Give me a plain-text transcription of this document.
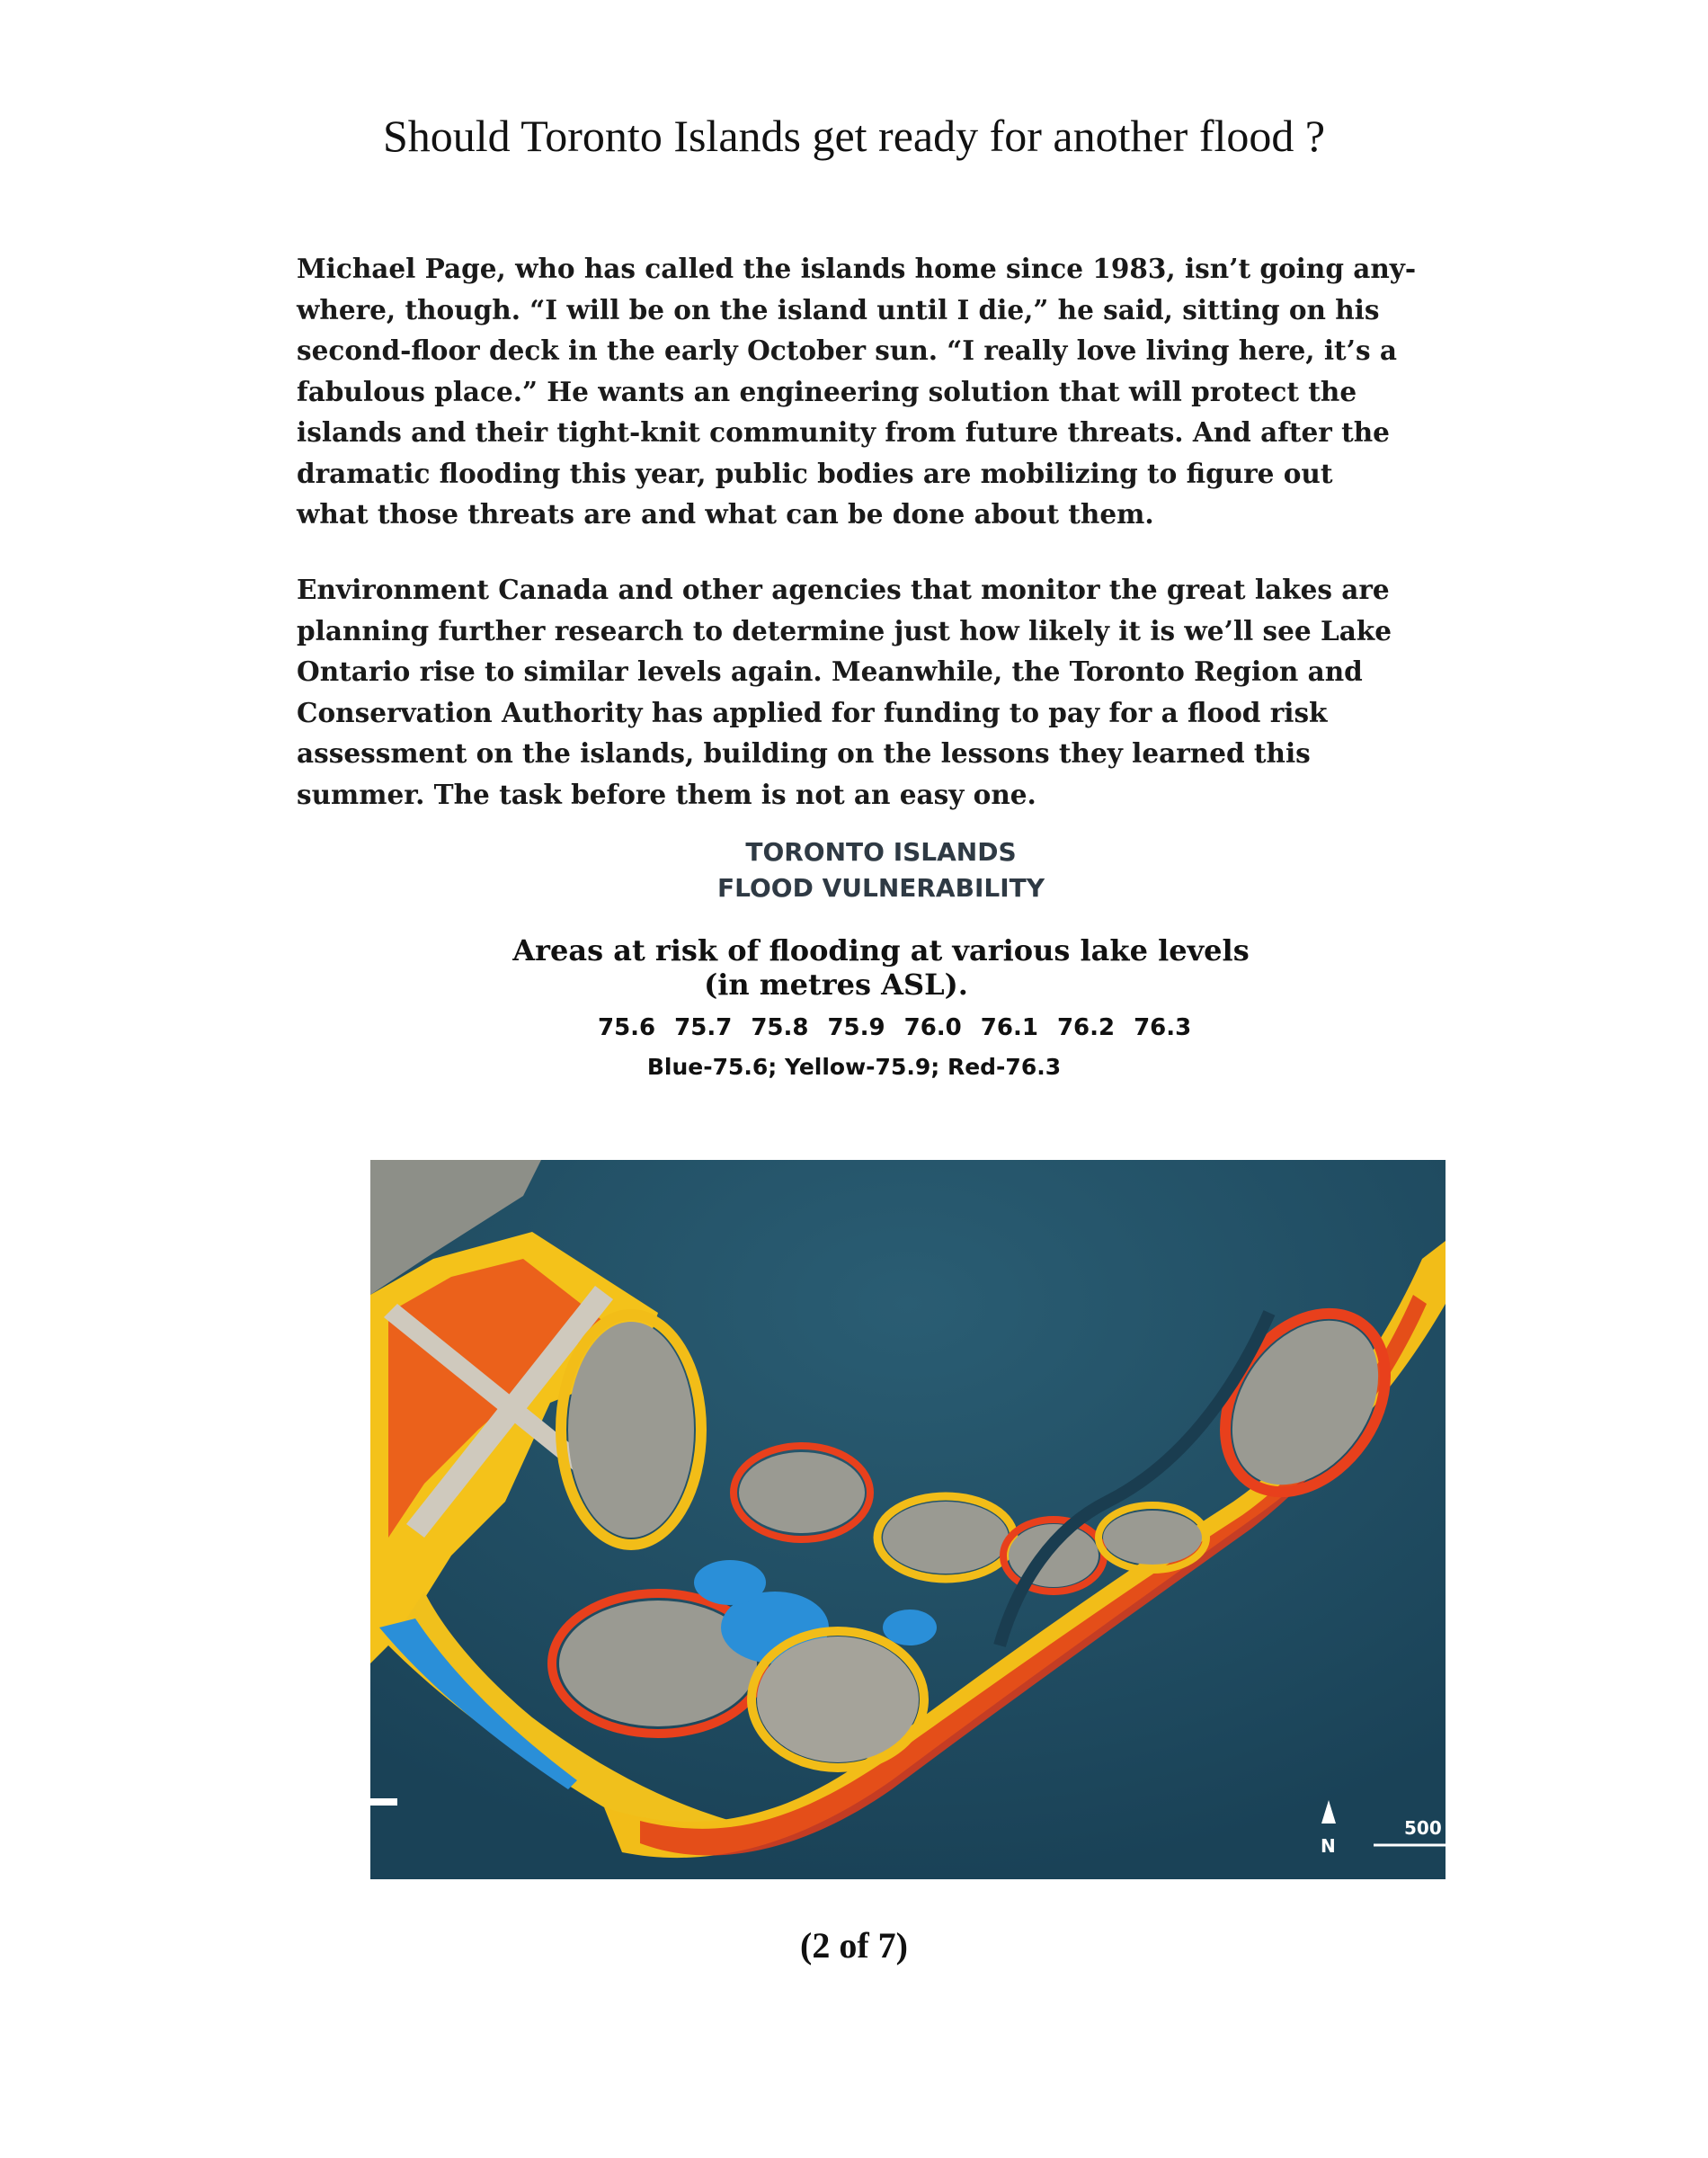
Should Toronto Islands get ready for another flood ?

Michael Page, who has called the islands home since 1983, isn’t going any-

where, though. “I will be on the island until I die,” he said, sitting on his

second-floor deck in the early October sun. “I really love living here, it’s a

fabulous place.” He wants an engineering solution that will protect the

islands and their tight-knit community from future threats. And after the

dramatic flooding this year, public bodies are mobilizing to figure out

what those threats are and what can be done about them.

Environment Canada and other agencies that monitor the great lakes are

planning further research to determine just how likely it is we’ll see Lake

Ontario rise to similar levels again. Meanwhile, the Toronto Region and

Conservation Authority has applied for funding to pay for a flood risk

assessment on the islands, building on the lessons they learned this

summer. The task before them is not an easy one.

TORONTO ISLANDS
FLOOD VULNERABILITY
Areas at risk of flooding at various lake levels
(in metres ASL).
75.6 75.7 75.8 75.9 76.0 76.1 76.2 76.3
Blue-75.6; Yellow-75.9; Red-76.3
N
500
(2 of 7)
